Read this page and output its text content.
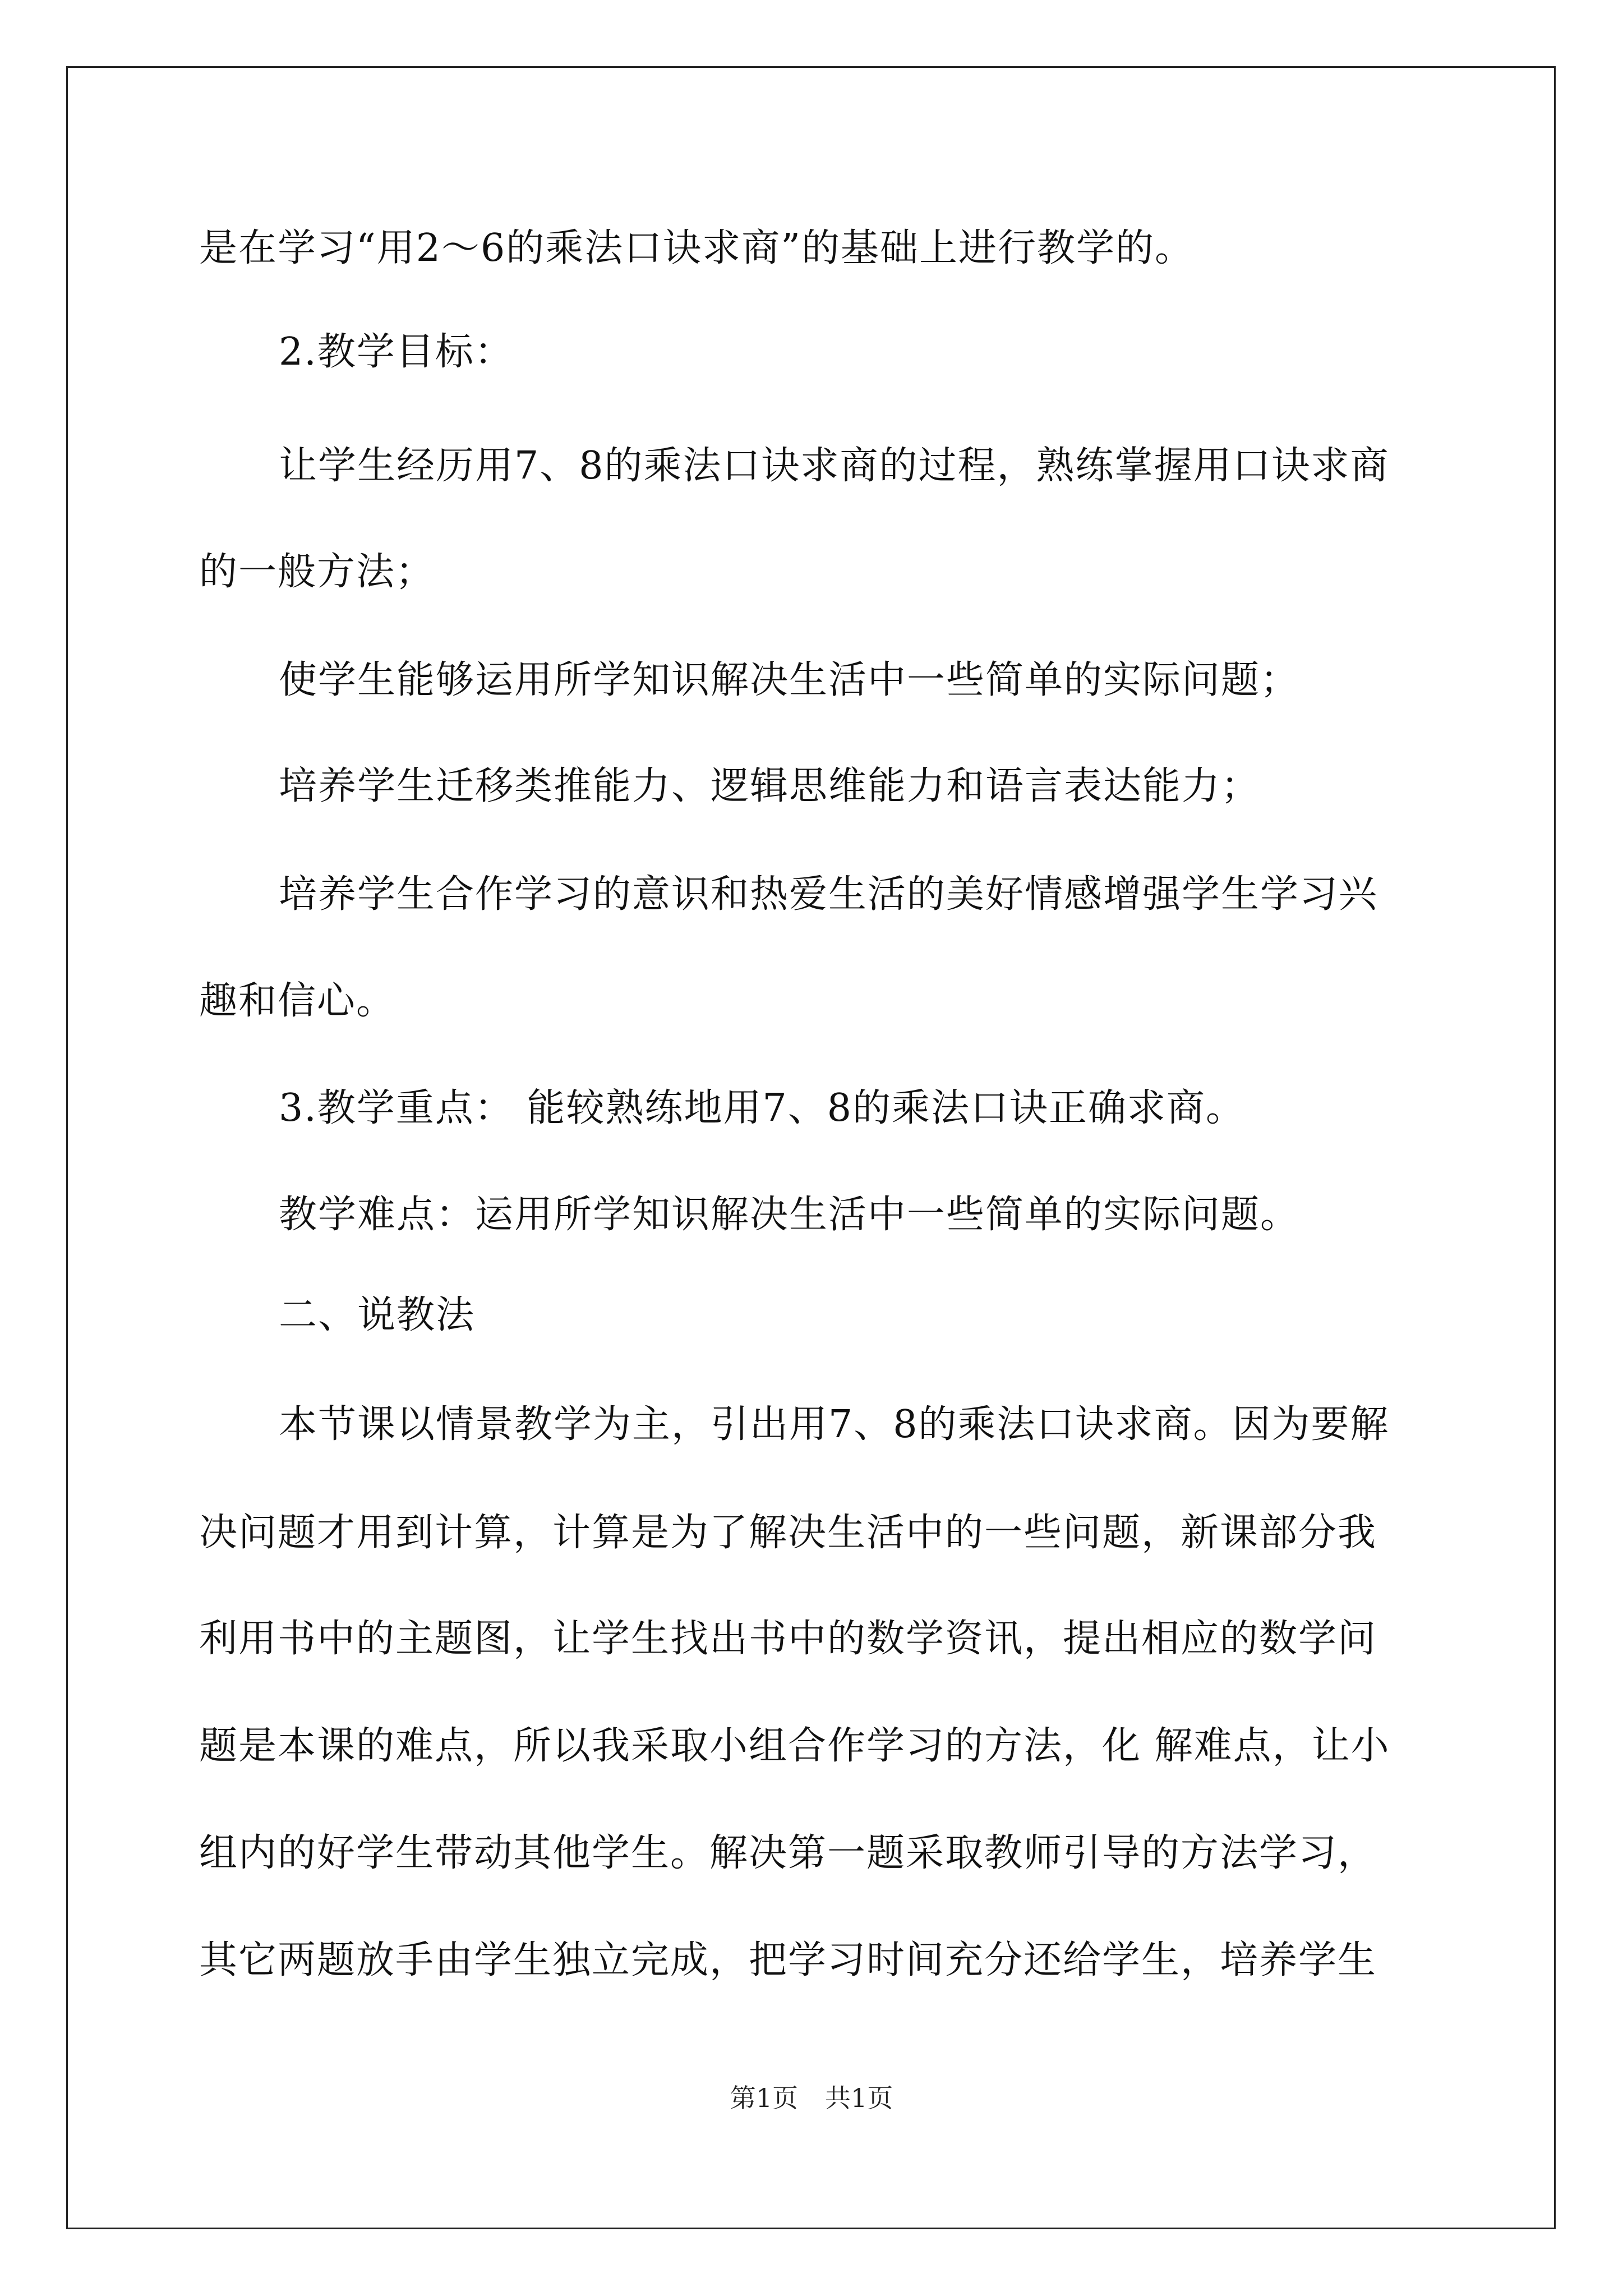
是在学习“用2～6的乘法口诀求商”的基础上进行教学的。
2.教学目标：
让学生经历用7、8的乘法口诀求商的过程，熟练掌握用口诀求商
的一般方法；
使学生能够运用所学知识解决生活中一些简单的实际问题；
培养学生迁移类推能力、逻辑思维能力和语言表达能力；
培养学生合作学习的意识和热爱生活的美好情感增强学生学习兴
趣和信心。
3.教学重点： 能较熟练地用7、8的乘法口诀正确求商。
教学难点：运用所学知识解决生活中一些简单的实际问题。
二、说教法
本节课以情景教学为主，引出用7、8的乘法口诀求商。因为要解
决问题才用到计算，计算是为了解决生活中的一些问题，新课部分我
利用书中的主题图，让学生找出书中的数学资讯，提出相应的数学问
题是本课的难点，所以我采取小组合作学习的方法，化 解难点，让小
组内的好学生带动其他学生。解决第一题采取教师引导的方法学习，
其它两题放手由学生独立完成，把学习时间充分还给学生，培养学生
第1页 共1页
